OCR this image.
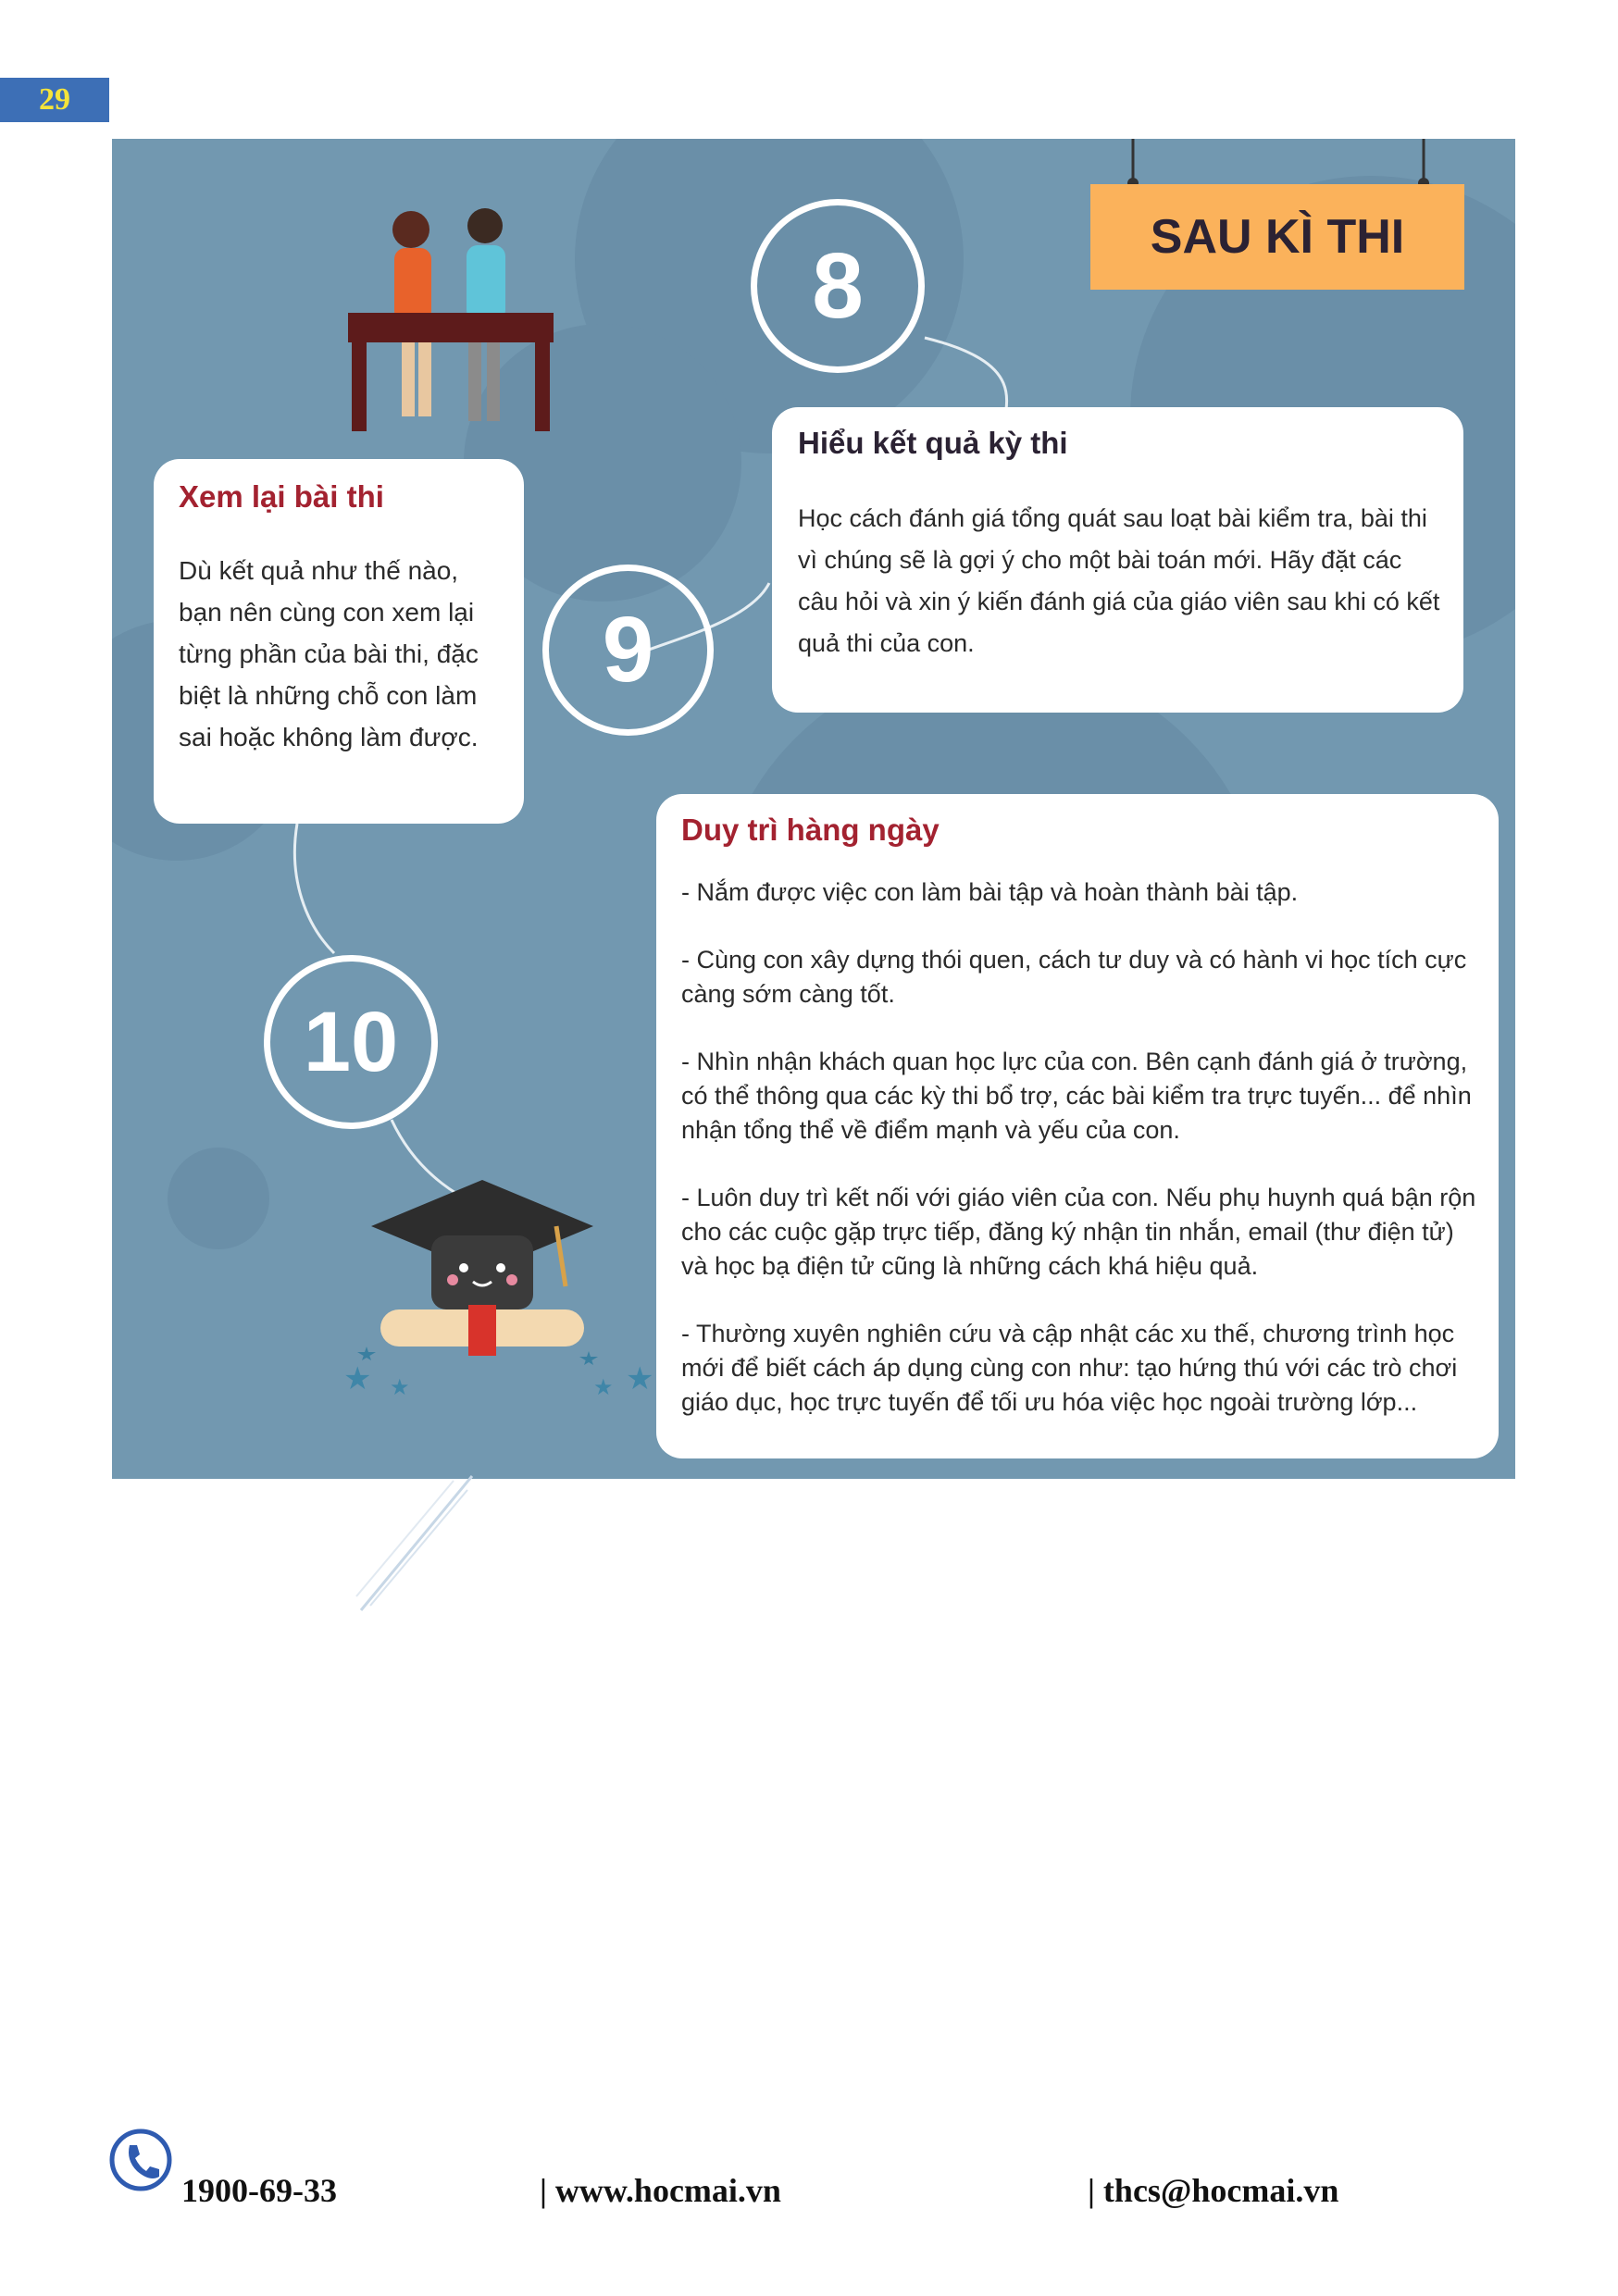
29
SAU KÌ THI
8
9
10
Xem lại bài thi

Dù kết quả như thế nào, bạn nên cùng con xem lại từng phần của bài thi, đặc biệt là những chỗ con làm sai hoặc không làm được.

Hiểu kết quả kỳ thi

Học cách đánh giá tổng quát sau loạt bài kiểm tra, bài thi vì chúng sẽ là gợi ý cho một bài toán mới. Hãy đặt các câu hỏi và xin ý kiến đánh giá của giáo viên sau khi có kết quả thi của con.

Duy trì hàng ngày

- Nắm được việc con làm bài tập và hoàn thành bài tập.

- Cùng con xây dựng thói quen, cách tư duy và có hành vi học tích cực càng sớm càng tốt.

- Nhìn nhận khách quan học lực của con. Bên cạnh đánh giá ở trường, có thể thông qua các kỳ thi bổ trợ, các bài kiểm tra trực tuyến... để nhìn nhận tổng thể về điểm mạnh và yếu của con.

- Luôn duy trì kết nối với giáo viên của con. Nếu phụ huynh quá bận rộn cho các cuộc gặp trực tiếp, đăng ký nhận tin nhắn, email (thư điện tử) và học bạ điện tử cũng là những cách khá hiệu quả.

- Thường xuyên nghiên cứu và cập nhật các xu thế, chương trình học mới để biết cách áp dụng cùng con như: tạo hứng thú với các trò chơi giáo dục, học trực tuyến để tối ưu hóa việc học ngoài trường lớp...

★ ★	★ ★
1900-69-33	| www.hocmai.vn	| thcs@hocmai.vn
